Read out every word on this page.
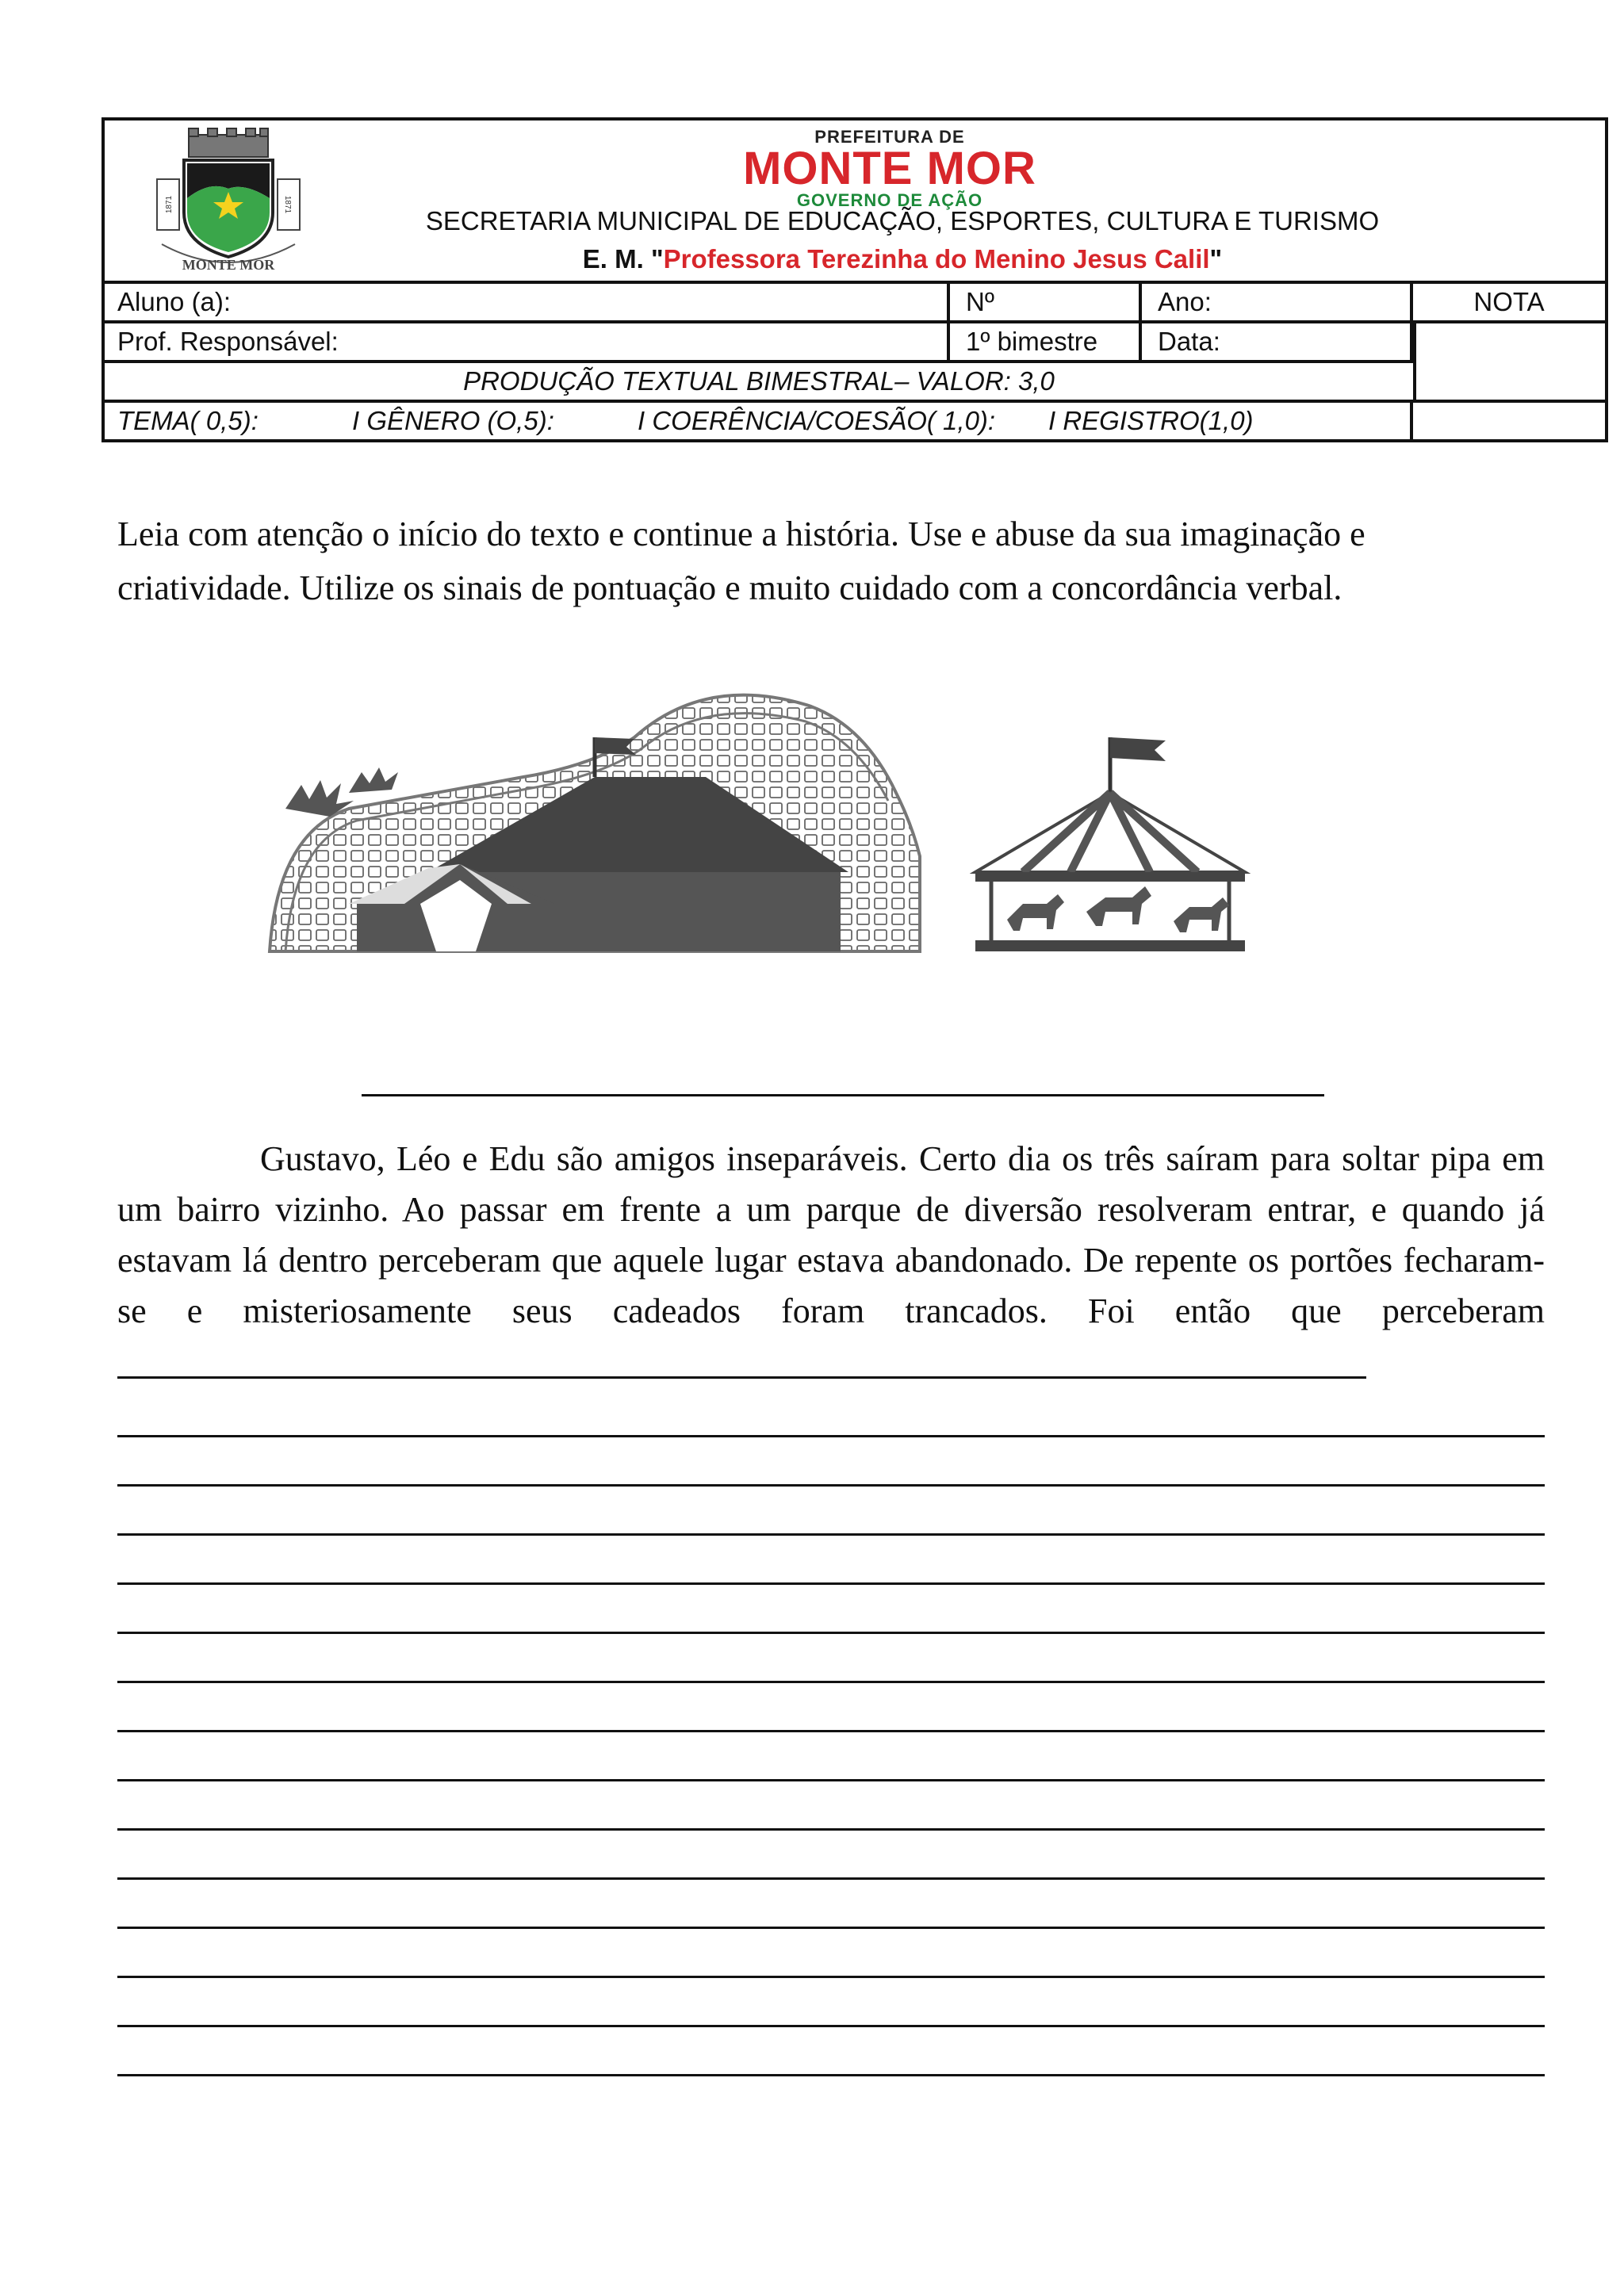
1871	1871
MONTE MOR
PREFEITURA DE
MONTE MOR
GOVERNO DE AÇÃO
SECRETARIA MUNICIPAL DE EDUCAÇÃO, ESPORTES, CULTURA E TURISMO
E. M. "Professora Terezinha do Menino Jesus Calil"
Aluno (a):	Nº	Ano:	NOTA
Prof. Responsável:	1º bimestre	Data:
PRODUÇÃO TEXTUAL BIMESTRAL– VALOR: 3,0
TEMA( 0,5):	I GÊNERO (O,5):	I COERÊNCIA/COESÃO( 1,0): I REGISTRO(1,0)
Leia com atenção o início do texto e continue a história. Use e abuse da sua imaginação e criatividade. Utilize os sinais de pontuação e muito cuidado com a concordância verbal.

Gustavo, Léo e Edu são amigos inseparáveis. Certo dia os três saíram para soltar pipa em um bairro vizinho. Ao passar em frente a um parque de diversão resolveram entrar, e quando já estavam lá dentro perceberam que aquele lugar estava abandonado. De repente os portões fecharam-se e misteriosamente seus cadeados foram trancados. Foi então que perceberam
